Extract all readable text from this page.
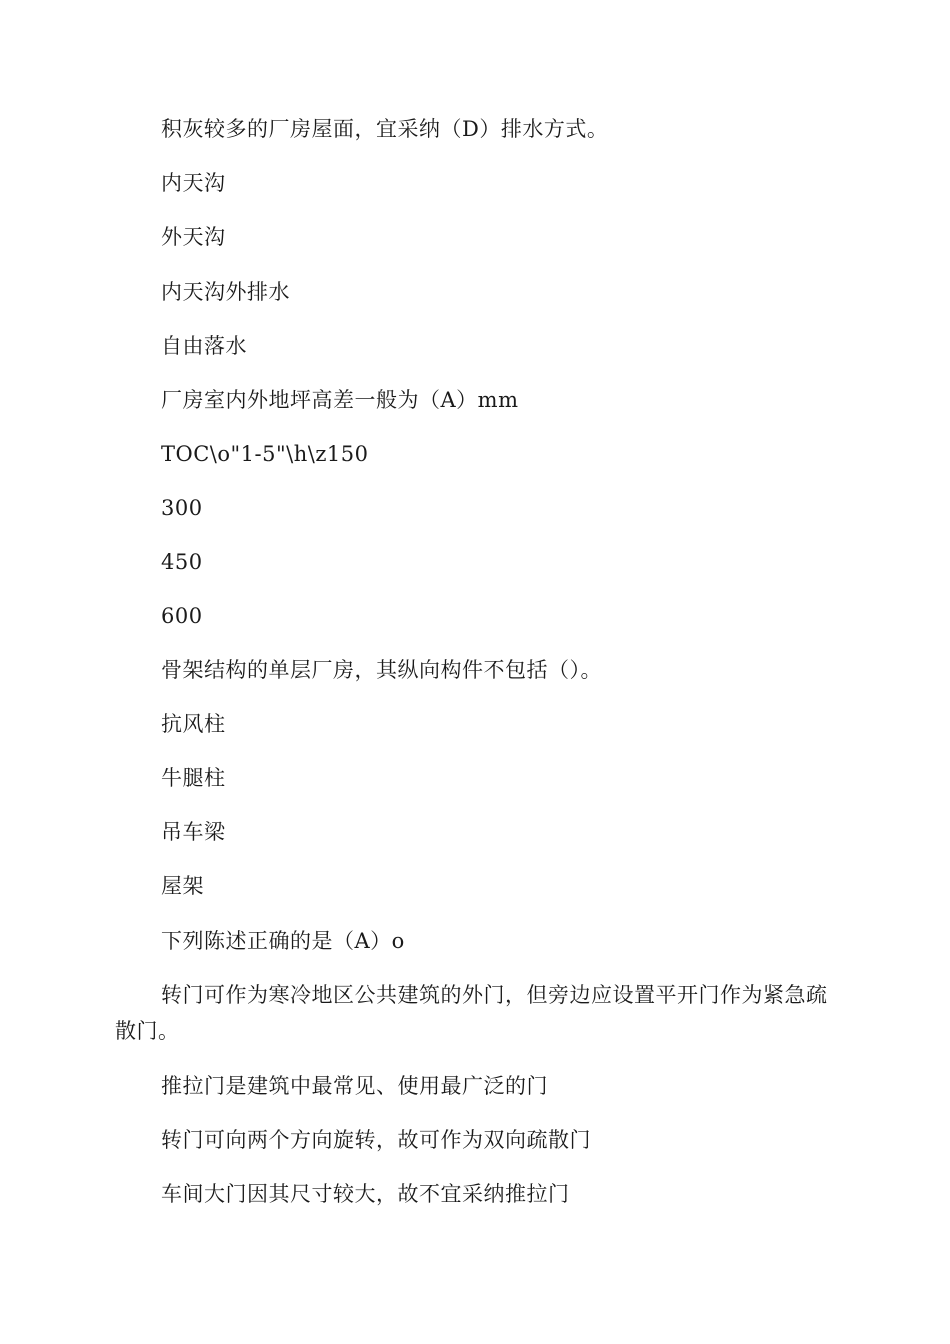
积灰较多的厂房屋面，宜采纳（D）排水方式。
内天沟
外天沟
内天沟外排水
自由落水
厂房室内外地坪高差一般为（A）mm
TOC\o"1-5"\h\z150
300
450
600
骨架结构的单层厂房，其纵向构件不包括（）。
抗风柱
牛腿柱
吊车梁
屋架
下列陈述正确的是（A）o
转门可作为寒冷地区公共建筑的外门，但旁边应设置平开门作为紧急疏散门。
推拉门是建筑中最常见、使用最广泛的门
转门可向两个方向旋转，故可作为双向疏散门
车间大门因其尺寸较大，故不宜采纳推拉门
